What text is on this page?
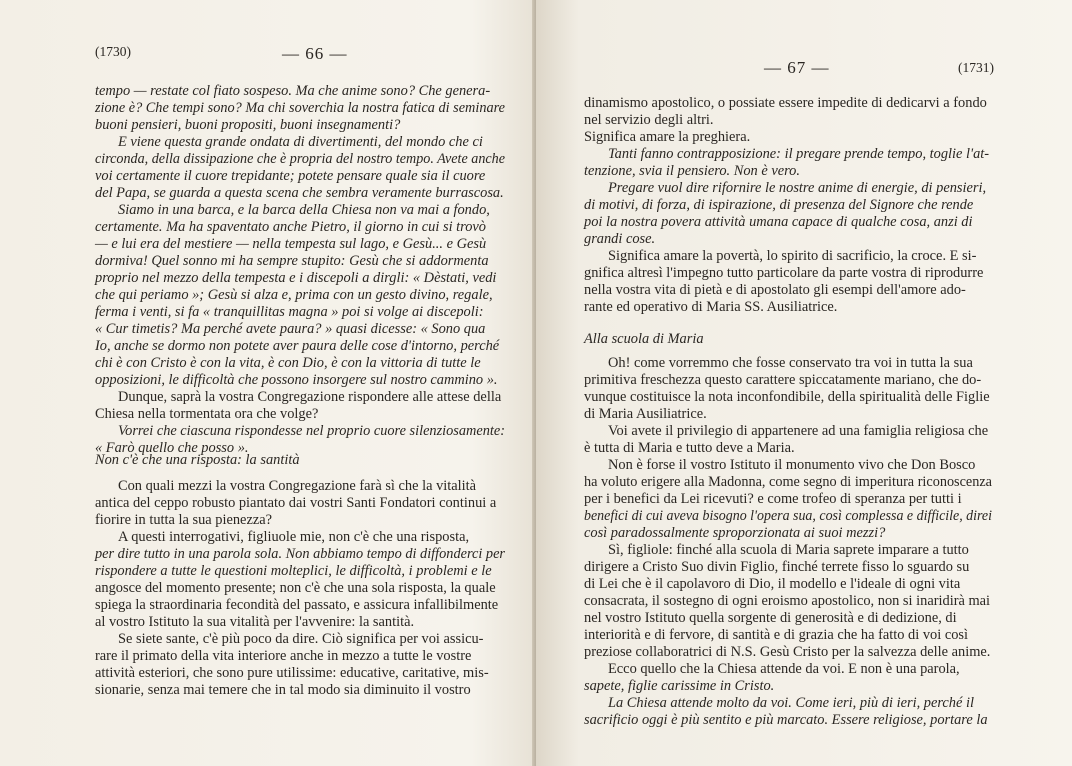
(1730)	— 66 —
tempo — restate col fiato sospeso. Ma che anime sono? Che genera-
zione è? Che tempi sono? Ma chi soverchia la nostra fatica di seminare
buoni pensieri, buoni propositi, buoni insegnamenti?
E viene questa grande ondata di divertimenti, del mondo che ci
circonda, della dissipazione che è propria del nostro tempo. Avete anche
voi certamente il cuore trepidante; potete pensare quale sia il cuore
del Papa, se guarda a questa scena che sembra veramente burrascosa.
Siamo in una barca, e la barca della Chiesa non va mai a fondo,
certamente. Ma ha spaventato anche Pietro, il giorno in cui si trovò
— e lui era del mestiere — nella tempesta sul lago, e Gesù... e Gesù
dormiva! Quel sonno mi ha sempre stupito: Gesù che si addormenta
proprio nel mezzo della tempesta e i discepoli a dirgli: « Dèstati, vedi
che qui periamo »; Gesù si alza e, prima con un gesto divino, regale,
ferma i venti, si fa « tranquillitas magna » poi si volge ai discepoli:
« Cur timetis? Ma perché avete paura? » quasi dicesse: « Sono qua
Io, anche se dormo non potete aver paura delle cose d'intorno, perché
chi è con Cristo è con la vita, è con Dio, è con la vittoria di tutte le
opposizioni, le difficoltà che possono insorgere sul nostro cammino ».
Dunque, saprà la vostra Congregazione rispondere alle attese della
Chiesa nella tormentata ora che volge?
Vorrei che ciascuna rispondesse nel proprio cuore silenziosamente:
« Farò quello che posso ».
Non c'è che una risposta: la santità
Con quali mezzi la vostra Congregazione farà sì che la vitalità
antica del ceppo robusto piantato dai vostri Santi Fondatori continui a
fiorire in tutta la sua pienezza?
A questi interrogativi, figliuole mie, non c'è che una risposta,
per dire tutto in una parola sola. Non abbiamo tempo di diffonderci per
rispondere a tutte le questioni molteplici, le difficoltà, i problemi e le
angosce del momento presente; non c'è che una sola risposta, la quale
spiega la straordinaria fecondità del passato, e assicura infallibilmente
al vostro Istituto la sua vitalità per l'avvenire: la santità.
Se siete sante, c'è più poco da dire. Ciò significa per voi assicu-
rare il primato della vita interiore anche in mezzo a tutte le vostre
attività esteriori, che sono pure utilissime: educative, caritative, mis-
sionarie, senza mai temere che in tal modo sia diminuito il vostro
— 67 —	(1731)
dinamismo apostolico, o possiate essere impedite di dedicarvi a fondo
nel servizio degli altri.
Significa amare la preghiera.
Tanti fanno contrapposizione: il pregare prende tempo, toglie l'at-
tenzione, svia il pensiero. Non è vero.
Pregare vuol dire rifornire le nostre anime di energie, di pensieri,
di motivi, di forza, di ispirazione, di presenza del Signore che rende
poi la nostra povera attività umana capace di qualche cosa, anzi di
grandi cose.
Significa amare la povertà, lo spirito di sacrificio, la croce. E si-
gnifica altresì l'impegno tutto particolare da parte vostra di riprodurre
nella vostra vita di pietà e di apostolato gli esempi dell'amore ado-
rante ed operativo di Maria SS. Ausiliatrice.
Alla scuola di Maria
Oh! come vorremmo che fosse conservato tra voi in tutta la sua
primitiva freschezza questo carattere spiccatamente mariano, che do-
vunque costituisce la nota inconfondibile, della spiritualità delle Figlie
di Maria Ausiliatrice.
Voi avete il privilegio di appartenere ad una famiglia religiosa che
è tutta di Maria e tutto deve a Maria.
Non è forse il vostro Istituto il monumento vivo che Don Bosco
ha voluto erigere alla Madonna, come segno di imperitura riconoscenza
per i benefici da Lei ricevuti? e come trofeo di speranza per tutti i
benefici di cui aveva bisogno l'opera sua, così complessa e difficile, direi
così paradossalmente sproporzionata ai suoi mezzi?
Sì, figliole: finché alla scuola di Maria saprete imparare a tutto
dirigere a Cristo Suo divin Figlio, finché terrete fisso lo sguardo su
di Lei che è il capolavoro di Dio, il modello e l'ideale di ogni vita
consacrata, il sostegno di ogni eroismo apostolico, non si inaridirà mai
nel vostro Istituto quella sorgente di generosità e di dedizione, di
interiorità e di fervore, di santità e di grazia che ha fatto di voi così
preziose collaboratrici di N.S. Gesù Cristo per la salvezza delle anime.
Ecco quello che la Chiesa attende da voi. E non è una parola,
sapete, figlie carissime in Cristo.
La Chiesa attende molto da voi. Come ieri, più di ieri, perché il
sacrificio oggi è più sentito e più marcato. Essere religiose, portare la
